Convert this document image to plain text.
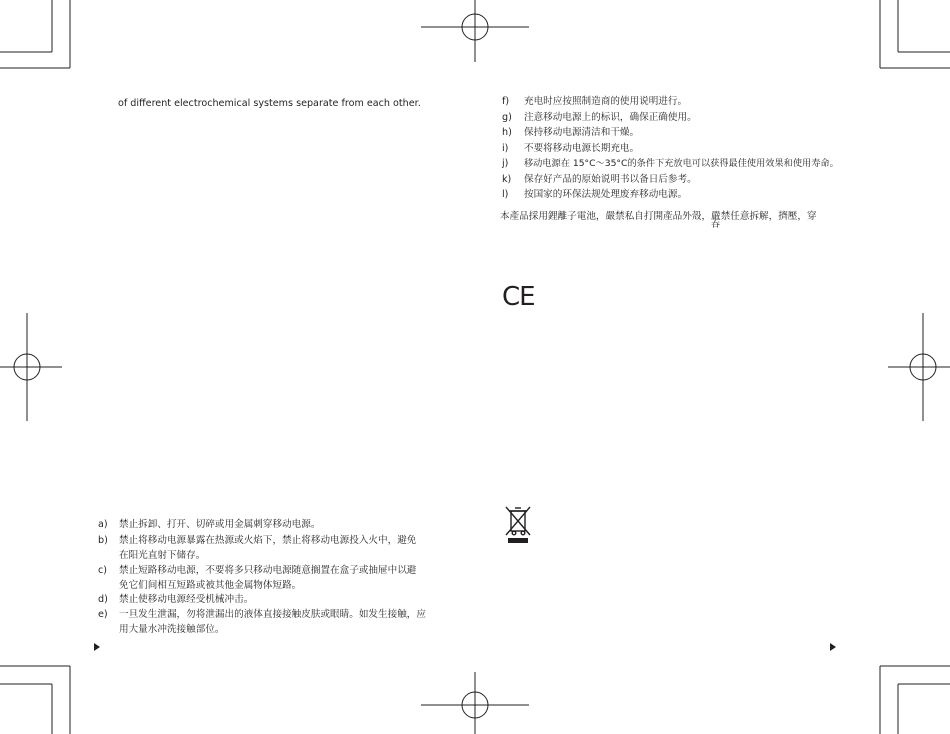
of different electrochemical systems separate from each other.
a) 禁止拆卸、打开、切碎或用金属刺穿移动电源。
b) 禁止将移动电源暴露在热源或火焰下，禁止将移动电源投入火中，避免
在阳光直射下储存。
c) 禁止短路移动电源，不要将多只移动电源随意搁置在盒子或抽屉中以避
免它们间相互短路或被其他金属物体短路。
d) 禁止使移动电源经受机械冲击。
e) 一旦发生泄漏，勿将泄漏出的液体直接接触皮肤或眼睛。如发生接触，应
用大量水冲洗接触部位。
f) 充电时应按照制造商的使用说明进行。
g) 注意移动电源上的标识，确保正确使用。
h) 保持移动电源清洁和干燥。
i) 不要将移动电源长期充电。
j) 移动电源在 15°C～35°C的条件下充放电可以获得最佳使用效果和使用寿命。
k) 保存好产品的原始说明书以备日后参考。
l) 按国家的环保法规处理废弃移动电源。
本產品採用鋰離子電池，嚴禁私自打開產品外殼，嚴禁任意拆解，擠壓，穿
吞
CE
